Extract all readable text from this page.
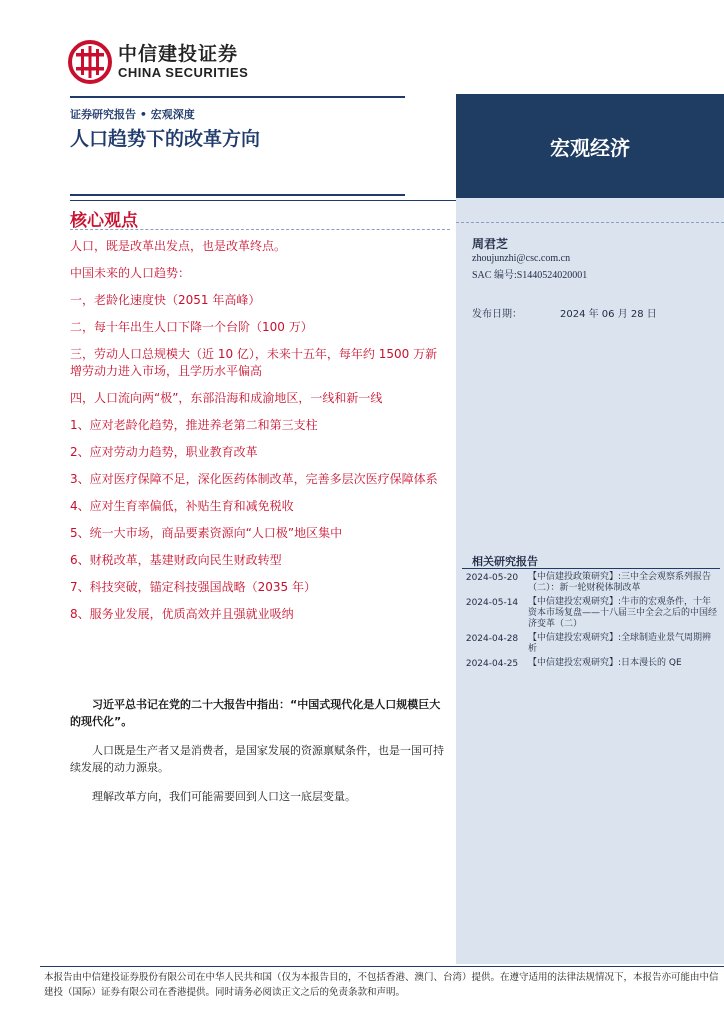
宏观经济
中信建投证券
CHINA SECURITIES
证券研究报告 • 宏观深度
人口趋势下的改革方向
周君芝
zhoujunzhi@csc.com.cn
SAC 编号:S1440524020001
发布日期：	2024 年 06 月 28 日
相关研究报告
2024-05-20	【中信建投政策研究】:三中全会观察系列报告（二）：新一轮财税体制改革
2024-05-14	【中信建投宏观研究】:牛市的宏观条件，十年资本市场复盘——十八届三中全会之后的中国经济变革（二）
2024-04-28	【中信建投宏观研究】:全球制造业景气周期辨析
2024-04-25	【中信建投宏观研究】:日本漫长的 QE
核心观点
人口，既是改革出发点，也是改革终点。
中国未来的人口趋势：
一，老龄化速度快（2051 年高峰）
二，每十年出生人口下降一个台阶（100 万）
三，劳动人口总规模大（近 10 亿），未来十五年，每年约 1500 万新增劳动力进入市场，且学历水平偏高
四，人口流向两“极”，东部沿海和成渝地区，一线和新一线
1、应对老龄化趋势，推进养老第二和第三支柱
2、应对劳动力趋势，职业教育改革
3、应对医疗保障不足，深化医药体制改革，完善多层次医疗保障体系
4、应对生育率偏低，补贴生育和减免税收
5、统一大市场，商品要素资源向“人口极”地区集中
6、财税改革，基建财政向民生财政转型
7、科技突破，锚定科技强国战略（2035 年）
8、服务业发展，优质高效并且强就业吸纳
习近平总书记在党的二十大报告中指出：“中国式现代化是人口规模巨大的现代化”。
人口既是生产者又是消费者，是国家发展的资源禀赋条件，也是一国可持续发展的动力源泉。
理解改革方向，我们可能需要回到人口这一底层变量。
本报告由中信建投证券股份有限公司在中华人民共和国（仅为本报告目的，不包括香港、澳门、台湾）提供。在遵守适用的法律法规情况下，本报告亦可能由中信建投（国际）证券有限公司在香港提供。同时请务必阅读正文之后的免责条款和声明。
